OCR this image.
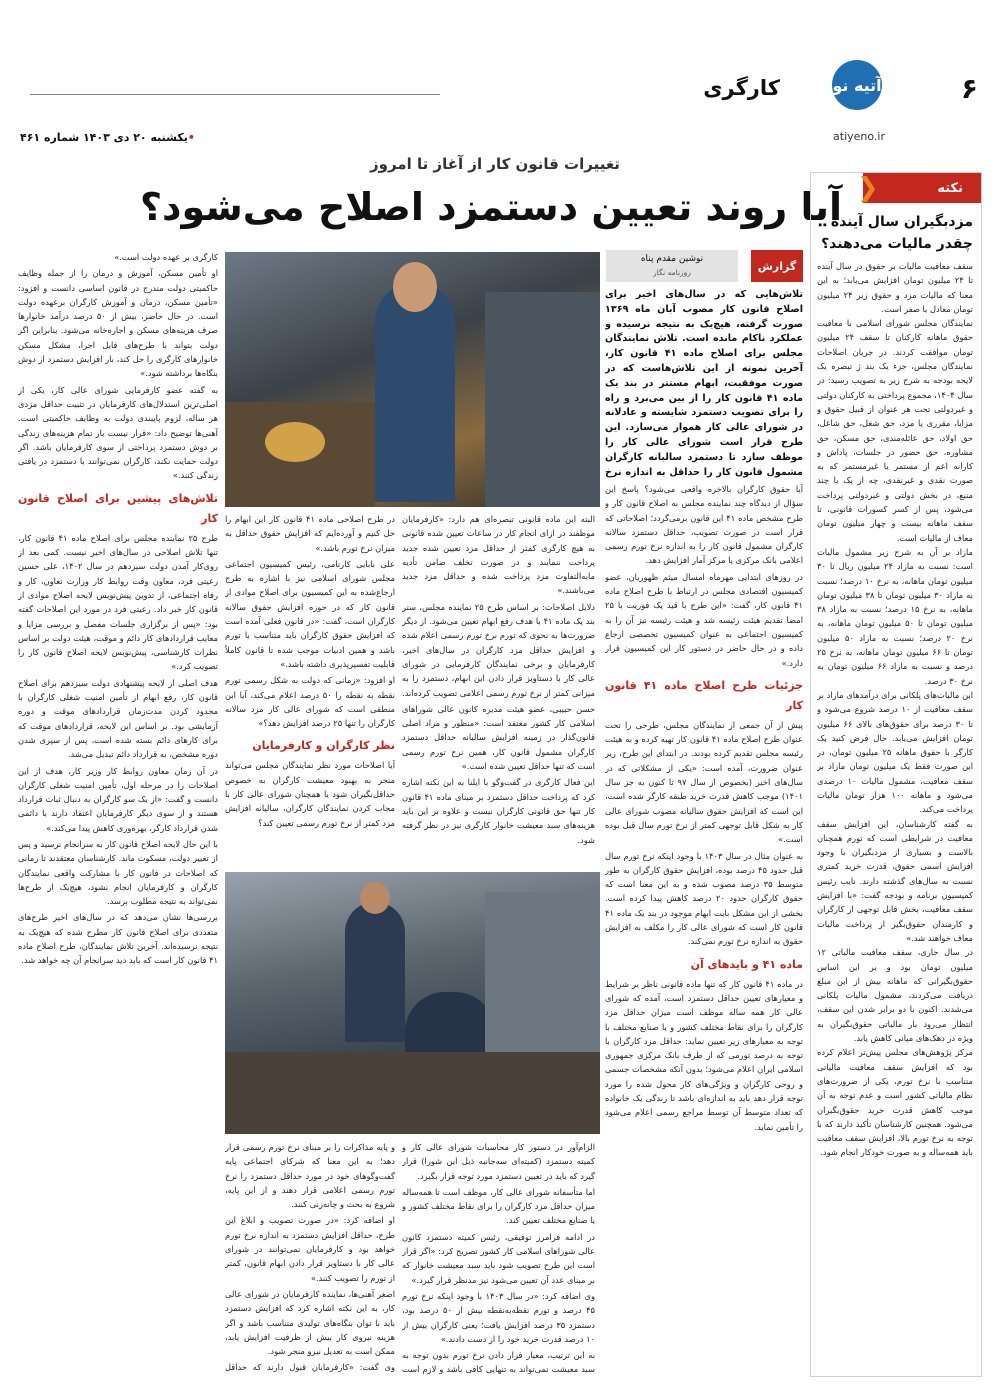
۶
آتیه نو
کارگری
atiyeno.ir
•یکشنبه ۲۰ دی ۱۴۰۳ شماره ۴۶۱
تغییرات قانون کار از آغاز تا امروز
آیا روند تعیین دستمزد اصلاح می‌شود؟	نکته
❮
مزدبگیران سال آینده چقدر مالیات می‌دهند؟

سقف معافیت مالیات بر حقوق در سال آینده تا ۲۴ میلیون تومان افزایش می‌یابد؛ به این معنا که مالیات مزد و حقوق زیر ۲۴ میلیون تومان معادل با صفر است.

نمایندگان مجلس شورای اسلامی با معافیت حقوق ماهانه کارکنان تا سقف ۲۴ میلیون تومان موافقت کردند. در جریان اصلاحات نمایندگان مجلس، جزء یک بند ژ تبصره یک لایحه بودجه به شرح زیر به تصویب رسید: در سال ۱۴۰۴، مجموع پرداختی به کارکنان دولتی و غیردولتی تحت هر عنوان از قبیل حقوق و مزایا، مقرری یا مزد، حق شغل، حق شاغل، حق اولاد، حق عائله‌مندی، حق مسکن، حق مشاوره، حق حضور در جلسات، پاداش و کارانه اعم از مستمر یا غیرمستمر که به صورت نقدی و غیرنقدی، چه از یک یا چند منبع، در بخش دولتی و غیردولتی پرداخت می‌شود، پس از کسر کسورات قانونی، تا سقف ماهانه بیست و چهار میلیون تومان معاف از مالیات است.

مازاد بر آن به شرح زیر مشمول مالیات است: نسبت به مازاد ۲۴ میلیون ریال تا ۳۰ میلیون تومان ماهانه، به نرخ ۱۰ درصد؛ نسبت به مازاد ۳۰ میلیون تومان تا ۳۸ میلیون تومان ماهانه، به نرخ ۱۵ درصد؛ نسبت به مازاد ۳۸ میلیون تومان تا ۵۰ میلیون تومان ماهانه، به نرخ ۲۰ درصد؛ نسبت به مازاد ۵۰ میلیون تومان تا ۶۶ میلیون تومان ماهانه، به نرخ ۲۵ درصد و نسبت به مازاد ۶۶ میلیون تومان به نرخ ۳۰ درصد.

این مالیات‌های پلکانی برای درآمدهای مازاد بر سقف معافیت از ۱۰ درصد شروع می‌شود و تا ۳۰ درصد برای حقوق‌های بالای ۶۶ میلیون تومان افزایش می‌یابد. حال فرض کنید یک کارگر با حقوق ماهانه ۲۵ میلیون تومان، در این صورت فقط یک میلیون تومان مازاد بر سقف معافیت، مشمول مالیات ۱۰ درصدی می‌شود و ماهانه ۱۰۰ هزار تومان مالیات پرداخت می‌کند.

به گفته کارشناسان، این افزایش سقف معافیت در شرایطی است که تورم همچنان بالاست و بسیاری از مزدبگیران با وجود افزایش اسمی حقوق، قدرت خرید کمتری نسبت به سال‌های گذشته دارند. نایب رئیس کمیسیون برنامه و بودجه گفت: «با افزایش سقف معافیت، بخش قابل توجهی از کارگران و کارمندان حقوق‌بگیر از پرداخت مالیات معاف خواهند شد.»

در سال جاری، سقف معافیت مالیاتی ۱۲ میلیون تومان بود و بر این اساس حقوق‌بگیرانی که ماهانه بیش از این مبلغ دریافت می‌کردند، مشمول مالیات پلکانی می‌شدند. اکنون با دو برابر شدن این سقف، انتظار می‌رود بار مالیاتی حقوق‌بگیران به ویژه در دهک‌های میانی کاهش یابد.

مرکز پژوهش‌های مجلس پیش‌تر اعلام کرده بود که افزایش سقف معافیت مالیاتی متناسب با نرخ تورم، یکی از ضرورت‌های نظام مالیاتی کشور است و عدم توجه به آن موجب کاهش قدرت خرید حقوق‌بگیران می‌شود. همچنین کارشناسان تأکید دارند که با توجه به نرخ تورم بالا، افزایش سقف معافیت باید همه‌ساله و به صورت خودکار انجام شود.

گزارش
نوشین مقدم پناه
روزنامه نگار
تلاش‌هایی که در سال‌های اخیر برای اصلاح قانون کار مصوب آبان ماه ۱۳۶۹ صورت گرفته، هیچ‌یک به نتیجه نرسیده و عملکرد ناکام مانده است. تلاش نمایندگان مجلس برای اصلاح ماده ۴۱ قانون کار، آخرین نمونه از این تلاش‌هاست که در صورت موفقیت، ابهام مستتر در بند یک ماده ۴۱ قانون کار را از بین می‌برد و راه را برای تصویب دستمزد شایسته و عادلانه در شورای عالی کار هموار می‌سازد. این طرح قرار است شورای عالی کار را موظف سازد تا دستمزد سالیانه کارگران مشمول قانون کار را حداقل به اندازه نرخ

آیا حقوق کارگران بالاخره واقعی می‌شود؟ پاسخ این سؤال از دیدگاه چند نماینده مجلس به اصلاح قانون کار و طرح مشخص ماده ۴۱ این قانون برمی‌گردد؛ اصلاحاتی که قرار است در صورت تصویب، حداقل دستمزد سالانه کارگران مشمول قانون کار را به اندازه نرخ تورم رسمی اعلامی بانک مرکزی یا مرکز آمار افزایش دهد.

در روزهای ابتدایی مهرماه امسال میثم ظهوریان، عضو کمیسیون اقتصادی مجلس در ارتباط با طرح اصلاح ماده ۴۱ قانون کار، گفت: «این طرح با قید یک فوریت با ۲۵ امضا تقدیم هیئت رئیسه شد و هیئت رئیسه نیز آن را به کمیسیون اجتماعی به عنوان کمیسیون تخصصی ارجاع داده و در حال حاضر در دستور کار این کمیسیون قرار دارد.»

جزئیات طرح اصلاح ماده ۴۱ قانون کار

پیش از آن جمعی از نمایندگان مجلس، طرحی را تحت عنوان طرح اصلاح ماده ۴۱ قانون کار تهیه کرده و به هیئت رئیسه مجلس تقدیم کرده بودند. در ابتدای این طرح، زیر عنوان ضرورت، آمده است: «یکی از مشکلاتی که در سال‌های اخیر (بخصوص از سال ۹۷ تا کنون به جز سال ۱۴۰۱) موجب کاهش قدرت خرید طبقه کارگر شده است، این است که افزایش حقوق سالیانه مصوب شورای عالی کار به شکل قابل توجهی کمتر از نرخ تورم سال قبل بوده است.»

به عنوان مثال در سال ۱۴۰۳ با وجود اینکه نرخ تورم سال قبل حدود ۴۵ درصد بوده، افزایش حقوق کارگران به طور متوسط ۳۵ درصد مصوب شده و به این معنا است که حقوق کارگران حدود ۲۰ درصد کاهش پیدا کرده است. بخشی از این مشکل بابت ابهام موجود در بند یک ماده ۴۱ قانون کار است که شورای عالی کار را مکلف به افزایش حقوق به اندازه نرخ تورم نمی‌کند.

ماده ۴۱ و بایدهای آن

در ماده ۴۱ قانون کار که تنها ماده قانونی ناظر بر شرایط و معیارهای تعیین حداقل دستمزد است، آمده که شورای عالی کار همه ساله موظف است میزان حداقل مزد کارگران را برای نقاط مختلف کشور و یا صنایع مختلف با توجه به معیارهای زیر تعیین نماید: حداقل مزد کارگران با توجه به درصد تورمی که از طرف بانک مرکزی جمهوری اسلامی ایران اعلام می‌شود؛ بدون آنکه مشخصات جسمی و روحی کارگران و ویژگی‌های کار محول شده را مورد توجه قرار دهد باید به اندازه‌ای باشد تا زندگی یک خانواده که تعداد متوسط آن توسط مراجع رسمی اعلام می‌شود را تأمین نماید.

البته این ماده قانونی تبصره‌ای هم دارد: «کارفرمایان موظفند در ازای انجام کار در ساعات تعیین شده قانونی به هیچ کارگری کمتر از حداقل مزد تعیین شده جدید پرداخت ننمایند و در صورت تخلف ضامن تأدیه مابه‌التفاوت مزد پرداخت شده و حداقل مزد جدید می‌باشند.»

دلایل اصلاحات: بر اساس طرح ۲۵ نماینده مجلس، ستر بند یک ماده ۴۱ با هدف رفع ابهام تعیین می‌شود. از دیگر ضرورت‌ها به نحوی که تورم نرخ تورم رسمی اعلام شده و افزایش حداقل مزد کارگران در سال‌های اخیر، کارفرمایان و برخی نمایندگان کارفرمایی در شورای عالی کار با دستاویز قرار دادن این ابهام، دستمزد را به میزانی کمتر از نرخ تورم رسمی اعلامی تصویب کرده‌اند.

حسن حبیبی، عضو هیئت مدیره کانون عالی شوراهای اسلامی کار کشور معتقد است: «منظور و مراد اصلی قانون‌گذار در زمینه افزایش سالیانه حداقل دستمزد کارگران مشمول قانون کار، همین نرخ تورم رسمی است که تنها حداقل تعیین شده است.»

این فعال کارگری در گفت‌وگو با ایلنا به این نکته اشاره کرد که پرداخت حداقل دستمزد بر مبنای ماده ۴۱ قانون کار تنها حق قانونی کارگران نیست و علاوه بر این باید هزینه‌های سبد معیشت خانوار کارگری نیز در نظر گرفته شود.

در طرح اصلاحی ماده ۴۱ قانون کار این ابهام را حل کنیم و آورده‌ایم که افزایش حقوق حداقل به میزان نرخ تورم باشد.»

علی بابایی کارنامی، رئیس کمیسیون اجتماعی مجلس شورای اسلامی نیز با اشاره به طرح ارجاع‌شده به این کمیسیون برای اصلاح موادی از قانون کار که در حوزه افزایش حقوق سالانه کارگران است، گفت: «در قانون فعلی آمده است که افزایش حقوق کارگران باید متناسب با تورم باشد و همین ادبیات موجب شده تا قانون کاملاً قابلیت تفسیرپذیری داشته باشد.»

او افزود: «زمانی که دولت به شکل رسمی تورم نقطه به نقطه را ۵۰ درصد اعلام می‌کند، آیا این منطقی است که شورای عالی کار مزد سالانه کارگران را تنها ۲۵ درصد افزایش دهد؟»

نظر کارگران و کارفرمایان

آیا اصلاحات مورد نظر نمایندگان مجلس می‌تواند منجر به بهبود معیشت کارگران به خصوص حداقل‌بگیران شود یا همچنان شورای عالی کار با مجاب کردن نمایندگان کارگران، سالیانه افزایش مزد کمتر از نرخ تورم رسمی تعیین کند؟

الزام‌آور در دستور کار محاسبات شورای عالی کار و کمیته دستمزد (کمیته‌ای سه‌جانبه ذیل این شورا) قرار گیرد که باید در تعیین دستمزد مورد توجه قرار بگیرد.

اما متأسفانه شورای عالی کار، موظف است تا همه‌ساله میزان حداقل مزد کارگران را برای نقاط مختلف کشور و یا صنایع مختلف تعیین کند.

در ادامه فرامرز توفیقی، رئیس کمیته دستمزد کانون عالی شوراهای اسلامی کار کشور تصریح کرد: «اگر قرار است این طرح تصویب شود باید سبد معیشت خانوار که بر مبنای عدد آن تعیین می‌شود نیز مدنظر قرار گیرد.»

وی اضافه کرد: «در سال ۱۴۰۳ با وجود اینکه نرخ تورم ۴۵ درصد و تورم نقطه‌به‌نقطه بیش از ۵۰ درصد بود، دستمزد ۳۵ درصد افزایش یافت؛ یعنی کارگران بیش از ۱۰ درصد قدرت خرید خود را از دست دادند.»

به این ترتیب، معیار قرار دادن نرخ تورم بدون توجه به سبد معیشت نمی‌تواند به تنهایی کافی باشد و لازم است

و پایه مذاکرات را بر مبنای نرخ تورم رسمی قرار دهد؛ به این معنا که شرکای اجتماعی پایه گفت‌وگوهای خود در مورد حداقل دستمزد را نرخ تورم رسمی اعلامی قرار دهند و از این پایه، شروع به بحث و چانه‌زنی کنند.

او اضافه کرد: «در صورت تصویب و ابلاغ این طرح، حداقل افزایش دستمزد به اندازه نرخ تورم خواهد بود و کارفرمایان نمی‌توانند در شورای عالی کار با دستاویز قرار دادن ابهام قانون، کمتر از تورم را تصویب کنند.»

اصغر آهنی‌ها، نماینده کارفرمایان در شورای عالی کار، به این نکته اشاره کرد که افزایش دستمزد باید با توان بنگاه‌های تولیدی متناسب باشد و اگر هزینه نیروی کار بیش از ظرفیت افزایش یابد، ممکن است به تعدیل نیرو منجر شود.

وی گفت: «کارفرمایان قبول دارند که حداقل

کارگری بر عهده دولت است.»

او تأمین مسکن، آموزش و درمان را از جمله وظایف حاکمیتی دولت مندرج در قانون اساسی دانست و افزود: «تأمین مسکن، درمان و آموزش کارگران برعهده دولت است. در حال حاضر، بیش از ۵۰ درصد درآمد خانوارها صرف هزینه‌های مسکن و اجاره‌خانه می‌شود. بنابراین اگر دولت بتواند با طرح‌های قابل اجرا، مشکل مسکن خانوارهای کارگری را حل کند، بار افزایش دستمزد از دوش بنگاه‌ها برداشته شود.»

به گفته عضو کارفرمایی شورای عالی کار، یکی از اصلی‌ترین استدلال‌های کارفرمایان در تثبیت حداقل مزدی هر ساله، لزوم پایبندی دولت به وظایف حاکمیتی است. آهنی‌ها توضیح داد: «قرار نیست بار تمام هزینه‌های زندگی بر دوش دستمزد پرداختی از سوی کارفرمایان باشد. اگر دولت حمایت نکند، کارگران نمی‌توانند با دستمزد در یافتی زندگی کنند.»

تلاش‌های پیشین برای اصلاح قانون کار

طرح ۲۵ نماینده مجلس برای اصلاح ماده ۴۱ قانون کار، تنها تلاش اصلاحی در سال‌های اخیر نیست. کمی بعد از روی‌کار آمدن دولت سیزدهم در سال ۱۴۰۲، علی حسین رعیتی فرد، معاون وقت روابط کار وزارت تعاون، کار و رفاه اجتماعی، از تدوین پیش‌نویس لایحه اصلاح موادی از قانون کار خبر داد. رعیتی فرد در مورد این اصلاحات گفته بود: «پس از برگزاری جلسات مفصل و بررسی مزایا و معایب قراردادهای کار دائم و موقت، هیئت دولت بر اساس نظرات کارشناسی، پیش‌نویس لایحه اصلاح قانون کار را تصویب کرد.»

هدف اصلی از لایحه پیشنهادی دولت سیزدهم برای اصلاح قانون کار، رفع ابهام از تأمین امنیت شغلی کارگران با محدود کردن مدت‌زمان قراردادهای موقت و دوره آزمایشی بود. بر اساس این لایحه، قراردادهای موقت که برای کارهای دائم بسته شده است، پس از سپری شدن دوره مشخص، به قرارداد دائم تبدیل می‌شد.

در آن زمان معاون روابط کار وزیر کار، هدف از این اصلاحات را در مرحله اول، تأمین امنیت شغلی کارگران دانست و گفت: «از یک سو کارگران به دنبال ثبات قرارداد هستند و از سوی دیگر کارفرمایان اعتقاد دارند با دائمی شدن قرارداد کارگر، بهره‌وری کاهش پیدا می‌کند.»

با این حال لایحه اصلاح قانون کار به سرانجام نرسید و پس از تغییر دولت، مسکوت ماند. کارشناسان معتقدند تا زمانی که اصلاحات در قانون کار با مشارکت واقعی نمایندگان کارگران و کارفرمایان انجام نشود، هیچ‌یک از طرح‌ها نمی‌تواند به نتیجه مطلوب برسد.

بررسی‌ها نشان می‌دهد که در سال‌های اخیر طرح‌های متعددی برای اصلاح قانون کار مطرح شده که هیچ‌یک به نتیجه نرسیده‌اند. آخرین تلاش نمایندگان، طرح اصلاح ماده ۴۱ قانون کار است که باید دید سرانجام آن چه خواهد شد.
